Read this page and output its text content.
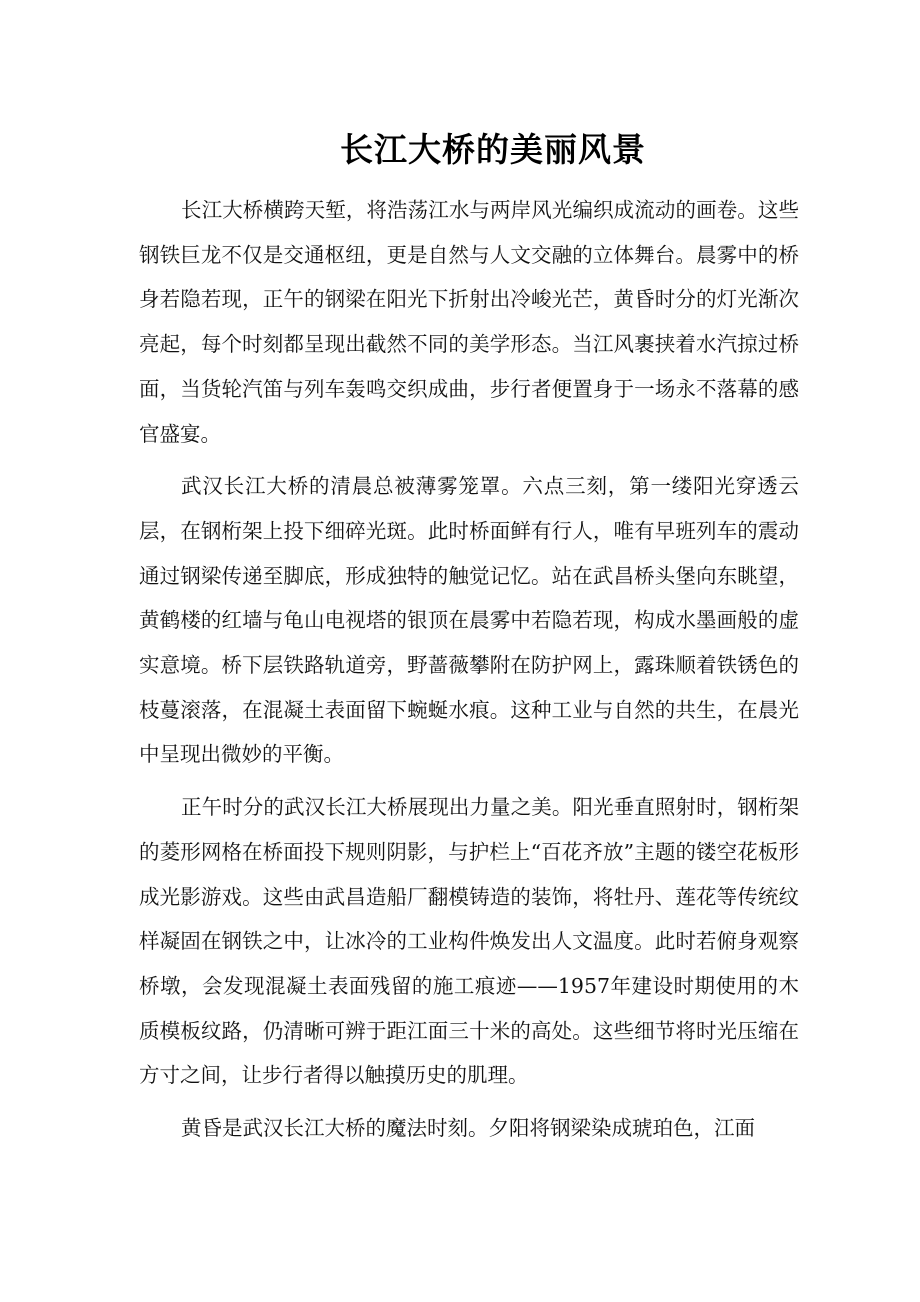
长江大桥的美丽风景

长江大桥横跨天堑，将浩荡江水与两岸风光编织成流动的画卷。这些钢铁巨龙不仅是交通枢纽，更是自然与人文交融的立体舞台。晨雾中的桥身若隐若现，正午的钢梁在阳光下折射出冷峻光芒，黄昏时分的灯光渐次亮起，每个时刻都呈现出截然不同的美学形态。当江风裹挟着水汽掠过桥面，当货轮汽笛与列车轰鸣交织成曲，步行者便置身于一场永不落幕的感官盛宴。

武汉长江大桥的清晨总被薄雾笼罩。六点三刻，第一缕阳光穿透云层，在钢桁架上投下细碎光斑。此时桥面鲜有行人，唯有早班列车的震动通过钢梁传递至脚底，形成独特的触觉记忆。站在武昌桥头堡向东眺望，黄鹤楼的红墙与龟山电视塔的银顶在晨雾中若隐若现，构成水墨画般的虚实意境。桥下层铁路轨道旁，野蔷薇攀附在防护网上，露珠顺着铁锈色的枝蔓滚落，在混凝土表面留下蜿蜒水痕。这种工业与自然的共生，在晨光中呈现出微妙的平衡。

正午时分的武汉长江大桥展现出力量之美。阳光垂直照射时，钢桁架的菱形网格在桥面投下规则阴影，与护栏上“百花齐放”主题的镂空花板形成光影游戏。这些由武昌造船厂翻模铸造的装饰，将牡丹、莲花等传统纹样凝固在钢铁之中，让冰冷的工业构件焕发出人文温度。此时若俯身观察桥墩，会发现混凝土表面残留的施工痕迹——1957年建设时期使用的木质模板纹路，仍清晰可辨于距江面三十米的高处。这些细节将时光压缩在方寸之间，让步行者得以触摸历史的肌理。

黄昏是武汉长江大桥的魔法时刻。夕阳将钢梁染成琥珀色，江面
